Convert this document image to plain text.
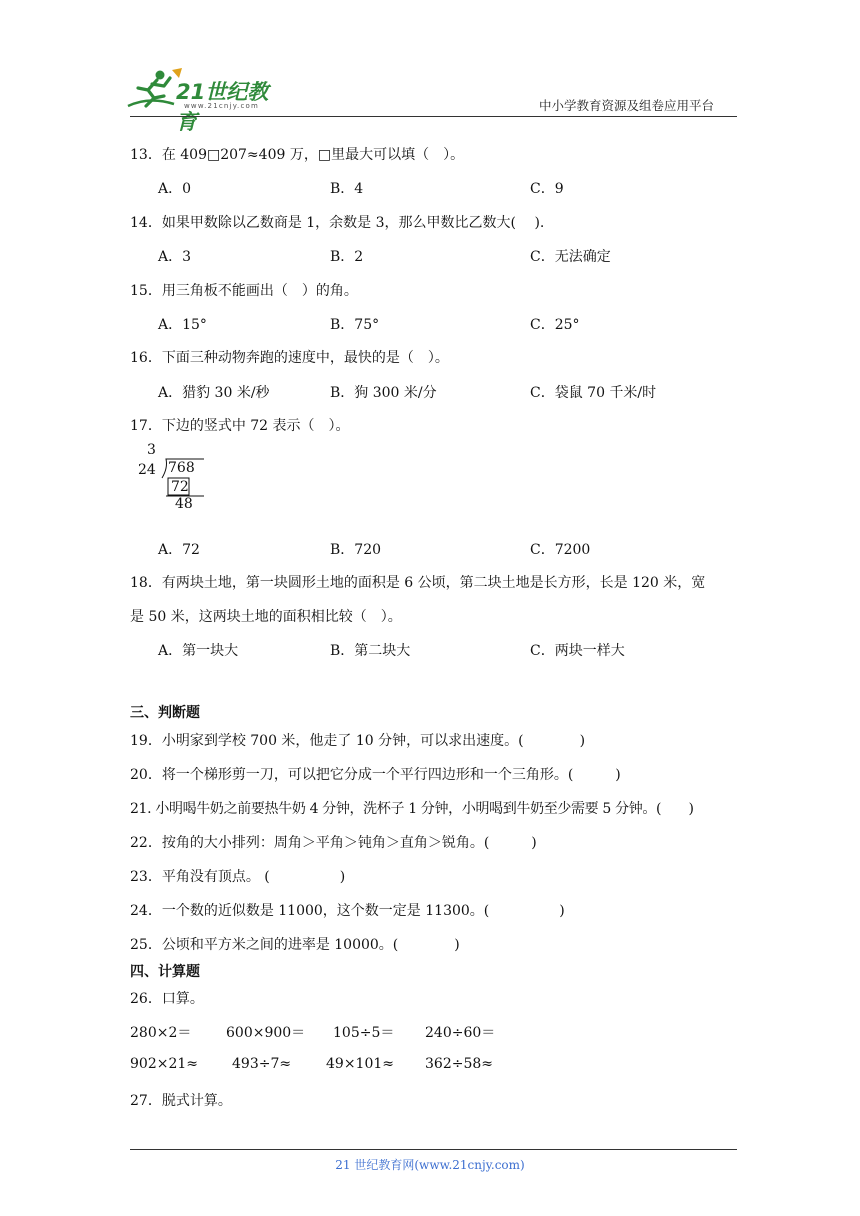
21世纪教育
www.21cnjy.com	中小学教育资源及组卷应用平台
13．在 409□207≈409 万，□里最大可以填（　）。
A．0	B．4	C．9
14．如果甲数除以乙数商是 1，余数是 3，那么甲数比乙数大(　 ).
A．3	B．2	C．无法确定
15．用三角板不能画出（　）的角。
A．15°	B．75°	C．25°
16．下面三种动物奔跑的速度中，最快的是（　）。
A．猎豹 30 米/秒	B．狗 300 米/分	C．袋鼠 70 千米/时
17．下边的竖式中 72 表示（　）。
3
24 768
72
48
A．72	B．720	C．7200
18．有两块土地，第一块圆形土地的面积是 6 公顷，第二块土地是长方形，长是 120 米，宽
是 50 米，这两块土地的面积相比较（　）。
A．第一块大	B．第二块大	C．两块一样大
三、判断题
19．小明家到学校 700 米，他走了 10 分钟，可以求出速度。(　　　　)
20．将一个梯形剪一刀，可以把它分成一个平行四边形和一个三角形。(　　　)
21. 小明喝牛奶之前要热牛奶 4 分钟，洗杯子 1 分钟，小明喝到牛奶至少需要 5 分钟。(　　)
22．按角的大小排列：周角＞平角＞钝角＞直角＞锐角。(　　　)
23．平角没有顶点。 (　　　　　)
24．一个数的近似数是 11000，这个数一定是 11300。(　　　　　)
25．公顷和平方米之间的进率是 10000。(　　　　)
四、计算题
26．口算。
280×2＝ 600×900＝ 105÷5＝ 240÷60＝
902×21≈ 493÷7≈ 49×101≈ 362÷58≈
27．脱式计算。
21 世纪教育网(www.21cnjy.com)
